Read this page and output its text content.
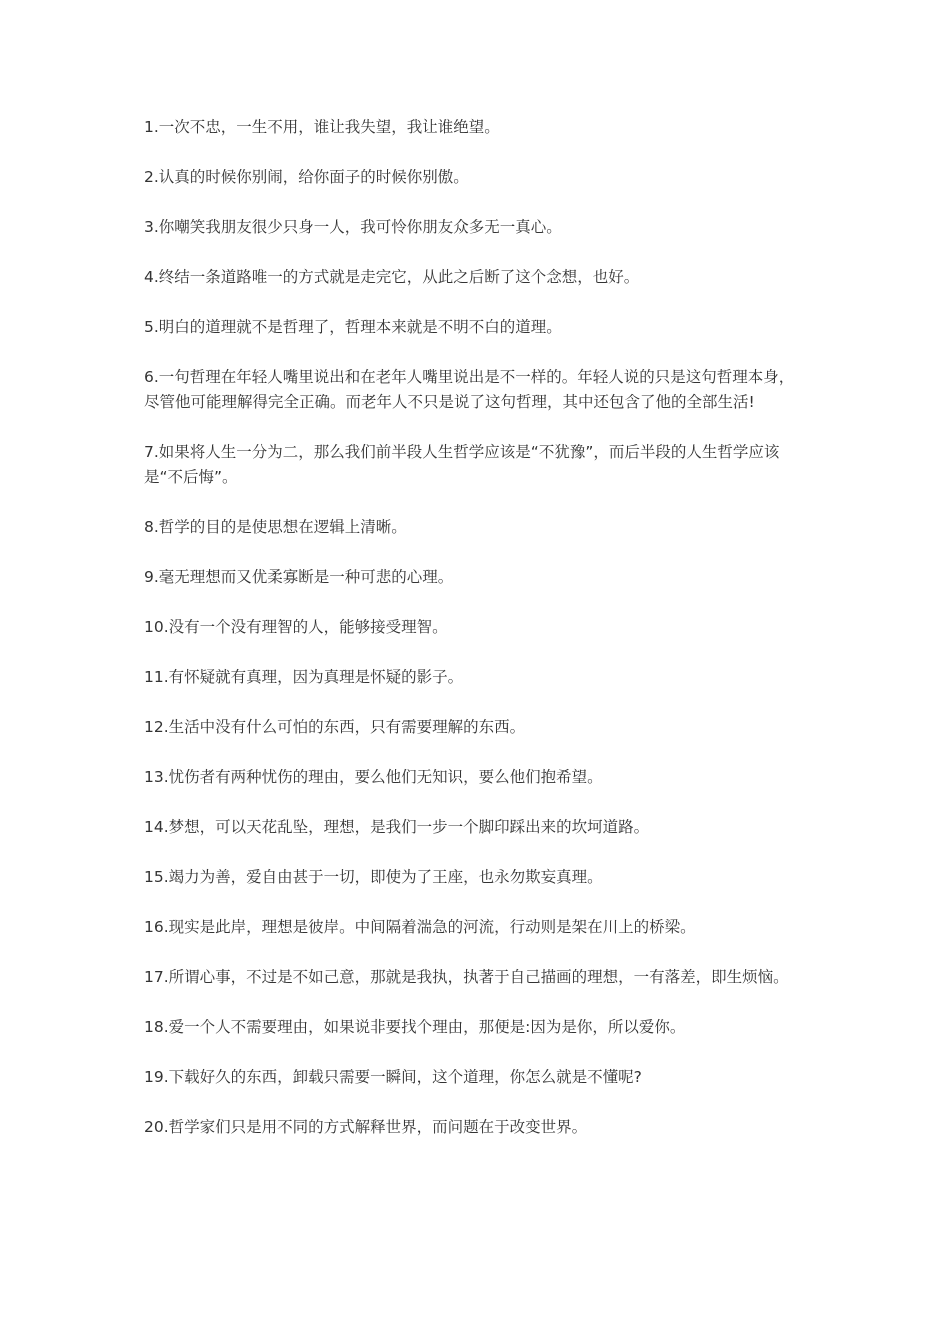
1.一次不忠，一生不用，谁让我失望，我让谁绝望。

2.认真的时候你别闹，给你面子的时候你别傲。

3.你嘲笑我朋友很少只身一人，我可怜你朋友众多无一真心。

4.终结一条道路唯一的方式就是走完它，从此之后断了这个念想，也好。

5.明白的道理就不是哲理了，哲理本来就是不明不白的道理。

6.一句哲理在年轻人嘴里说出和在老年人嘴里说出是不一样的。年轻人说的只是这句哲理本身，尽管他可能理解得完全正确。而老年人不只是说了这句哲理，其中还包含了他的全部生活!

7.如果将人生一分为二，那么我们前半段人生哲学应该是“不犹豫”，而后半段的人生哲学应该是“不后悔”。

8.哲学的目的是使思想在逻辑上清晰。

9.毫无理想而又优柔寡断是一种可悲的心理。

10.没有一个没有理智的人，能够接受理智。

11.有怀疑就有真理，因为真理是怀疑的影子。

12.生活中没有什么可怕的东西，只有需要理解的东西。

13.忧伤者有两种忧伤的理由，要么他们无知识，要么他们抱希望。

14.梦想，可以天花乱坠，理想，是我们一步一个脚印踩出来的坎坷道路。

15.竭力为善，爱自由甚于一切，即使为了王座，也永勿欺妄真理。

16.现实是此岸，理想是彼岸。中间隔着湍急的河流，行动则是架在川上的桥梁。

17.所谓心事，不过是不如己意，那就是我执，执著于自己描画的理想，一有落差，即生烦恼。

18.爱一个人不需要理由，如果说非要找个理由，那便是:因为是你，所以爱你。

19.下载好久的东西，卸载只需要一瞬间，这个道理，你怎么就是不懂呢?

20.哲学家们只是用不同的方式解释世界，而问题在于改变世界。
